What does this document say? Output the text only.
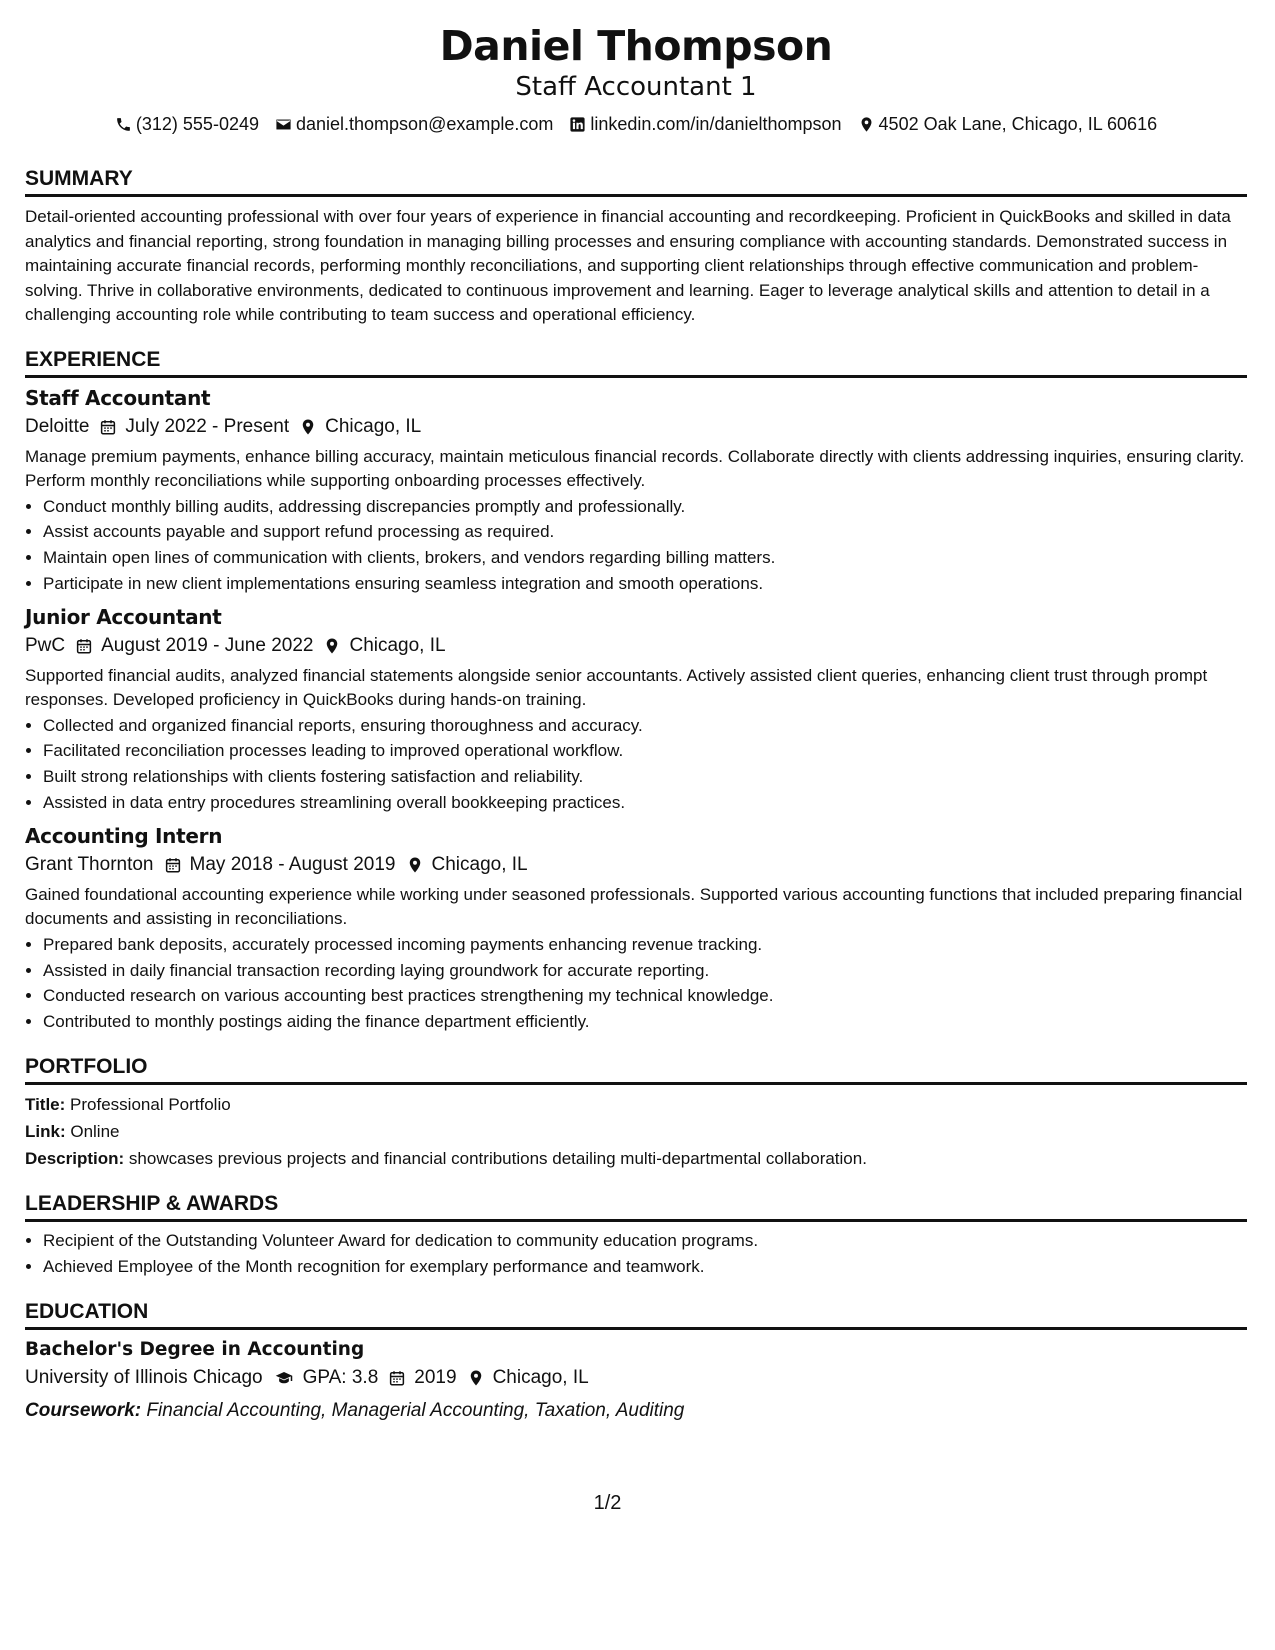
Daniel Thompson
Staff Accountant 1
(312) 555-0249 daniel.thompson@example.com linkedin.com/in/danielthompson 4502 Oak Lane, Chicago, IL 60616
SUMMARY

Detail-oriented accounting professional with over four years of experience in financial accounting and recordkeeping. Proficient in QuickBooks and skilled in data analytics and financial reporting, strong foundation in managing billing processes and ensuring compliance with accounting standards. Demonstrated success in maintaining accurate financial records, performing monthly reconciliations, and supporting client relationships through effective communication and problem-solving. Thrive in collaborative environments, dedicated to continuous improvement and learning. Eager to leverage analytical skills and attention to detail in a challenging accounting role while contributing to team success and operational efficiency.

EXPERIENCE
Staff Accountant
Deloitte July 2022 - Present Chicago, IL

Manage premium payments, enhance billing accuracy, maintain meticulous financial records. Collaborate directly with clients addressing inquiries, ensuring clarity. Perform monthly reconciliations while supporting onboarding processes effectively.

• Conduct monthly billing audits, addressing discrepancies promptly and professionally.
• Assist accounts payable and support refund processing as required.
• Maintain open lines of communication with clients, brokers, and vendors regarding billing matters.
• Participate in new client implementations ensuring seamless integration and smooth operations.
Junior Accountant
PwC August 2019 - June 2022 Chicago, IL

Supported financial audits, analyzed financial statements alongside senior accountants. Actively assisted client queries, enhancing client trust through prompt responses. Developed proficiency in QuickBooks during hands-on training.

• Collected and organized financial reports, ensuring thoroughness and accuracy.
• Facilitated reconciliation processes leading to improved operational workflow.
• Built strong relationships with clients fostering satisfaction and reliability.
• Assisted in data entry procedures streamlining overall bookkeeping practices.
Accounting Intern
Grant Thornton May 2018 - August 2019 Chicago, IL

Gained foundational accounting experience while working under seasoned professionals. Supported various accounting functions that included preparing financial documents and assisting in reconciliations.

• Prepared bank deposits, accurately processed incoming payments enhancing revenue tracking.
• Assisted in daily financial transaction recording laying groundwork for accurate reporting.
• Conducted research on various accounting best practices strengthening my technical knowledge.
• Contributed to monthly postings aiding the finance department efficiently.
PORTFOLIO
Title: Professional Portfolio
Link: Online
Description: showcases previous projects and financial contributions detailing multi-departmental collaboration.
LEADERSHIP & AWARDS
• Recipient of the Outstanding Volunteer Award for dedication to community education programs.
• Achieved Employee of the Month recognition for exemplary performance and teamwork.
EDUCATION
Bachelor's Degree in Accounting
University of Illinois Chicago GPA: 3.8 2019 Chicago, IL
Coursework: Financial Accounting, Managerial Accounting, Taxation, Auditing
1/2
